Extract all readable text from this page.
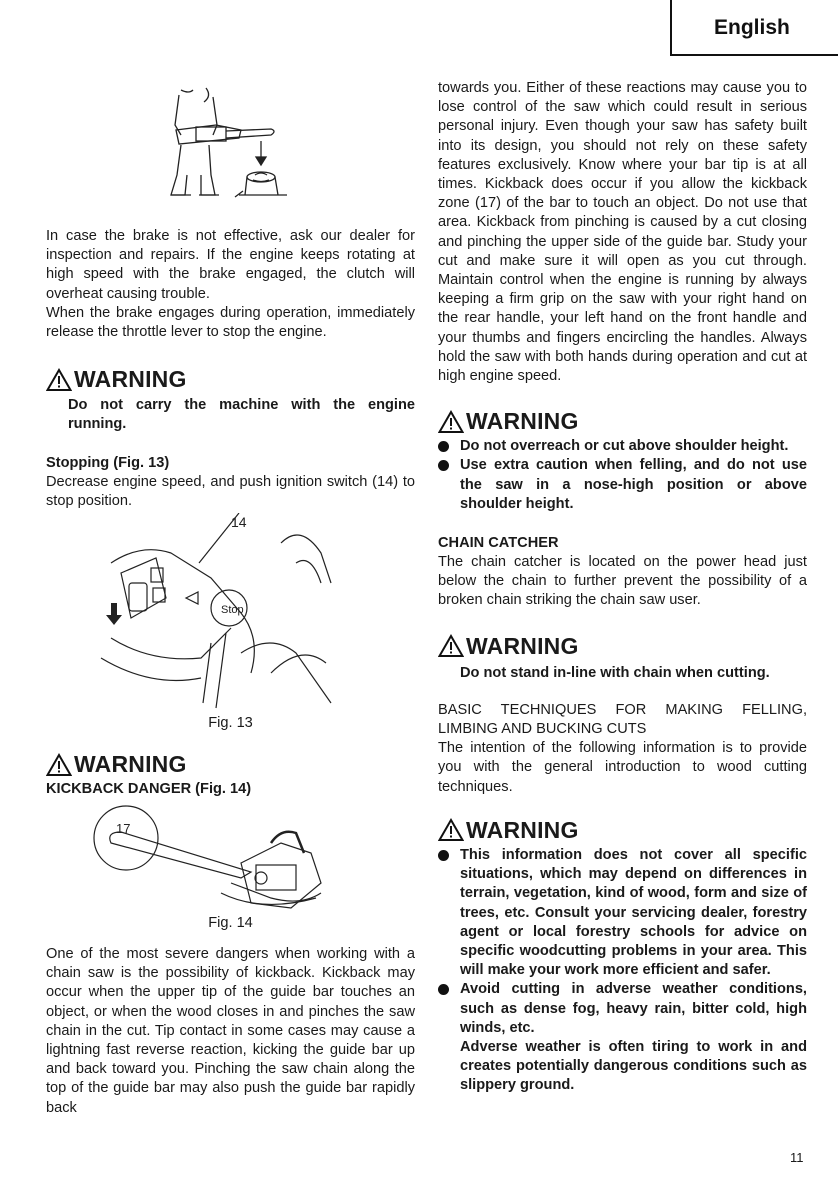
English

In case the brake is not effective, ask our dealer for inspection and repairs. If the engine keeps rotating at high speed with the brake engaged, the clutch will overheat causing trouble.

When the brake engages during operation, immediately release the throttle lever to stop the engine.

WARNING

Do not carry the machine with the engine running.

Stopping (Fig. 13)

Decrease engine speed, and push ignition switch (14) to stop position.

Stop
14

Fig. 13

WARNING

KICKBACK DANGER (Fig. 14)

17

Fig. 14

One of the most severe dangers when working with a chain saw is the possibility of kickback. Kickback may occur when the upper tip of the guide bar touches an object, or when the wood closes in and pinches the saw chain in the cut. Tip contact in some cases may cause a lightning fast reverse reaction, kicking the guide bar up and back toward you. Pinching the saw chain along the top of the guide bar may also push the guide bar rapidly back

towards you. Either of these reactions may cause you to lose control of the saw which could result in serious personal injury. Even though your saw has safety built into its design, you should not rely on these safety features exclusively. Know where your bar tip is at all times. Kickback does occur if you allow the kickback zone (17) of the bar to touch an object. Do not use that area. Kickback from pinching is caused by a cut closing and pinching the upper side of the guide bar. Study your cut and make sure it will open as you cut through. Maintain control when the engine is running by always keeping a firm grip on the saw with your right hand on the rear handle, your left hand on the front handle and your thumbs and fingers encircling the handles. Always hold the saw with both hands during operation and cut at high engine speed.

WARNING

Do not overreach or cut above shoulder height.

Use extra caution when felling, and do not use the saw in a nose-high position or above shoulder height.

CHAIN CATCHER

The chain catcher is located on the power head just below the chain to further prevent the possibility of a broken chain striking the chain saw user.

WARNING

Do not stand in-line with chain when cutting.

BASIC TECHNIQUES FOR MAKING FELLING, LIMBING AND BUCKING CUTS

The intention of the following information is to provide you with the general introduction to wood cutting techniques.

WARNING

This information does not cover all specific situations, which may depend on differences in terrain, vegetation, kind of wood, form and size of trees, etc. Consult your servicing dealer, forestry agent or local forestry schools for advice on specific woodcutting problems in your area. This will make your work more efficient and safer.

Avoid cutting in adverse weather conditions, such as dense fog, heavy rain, bitter cold, high winds, etc.

Adverse weather is often tiring to work in and creates potentially dangerous conditions such as slippery ground.

11
